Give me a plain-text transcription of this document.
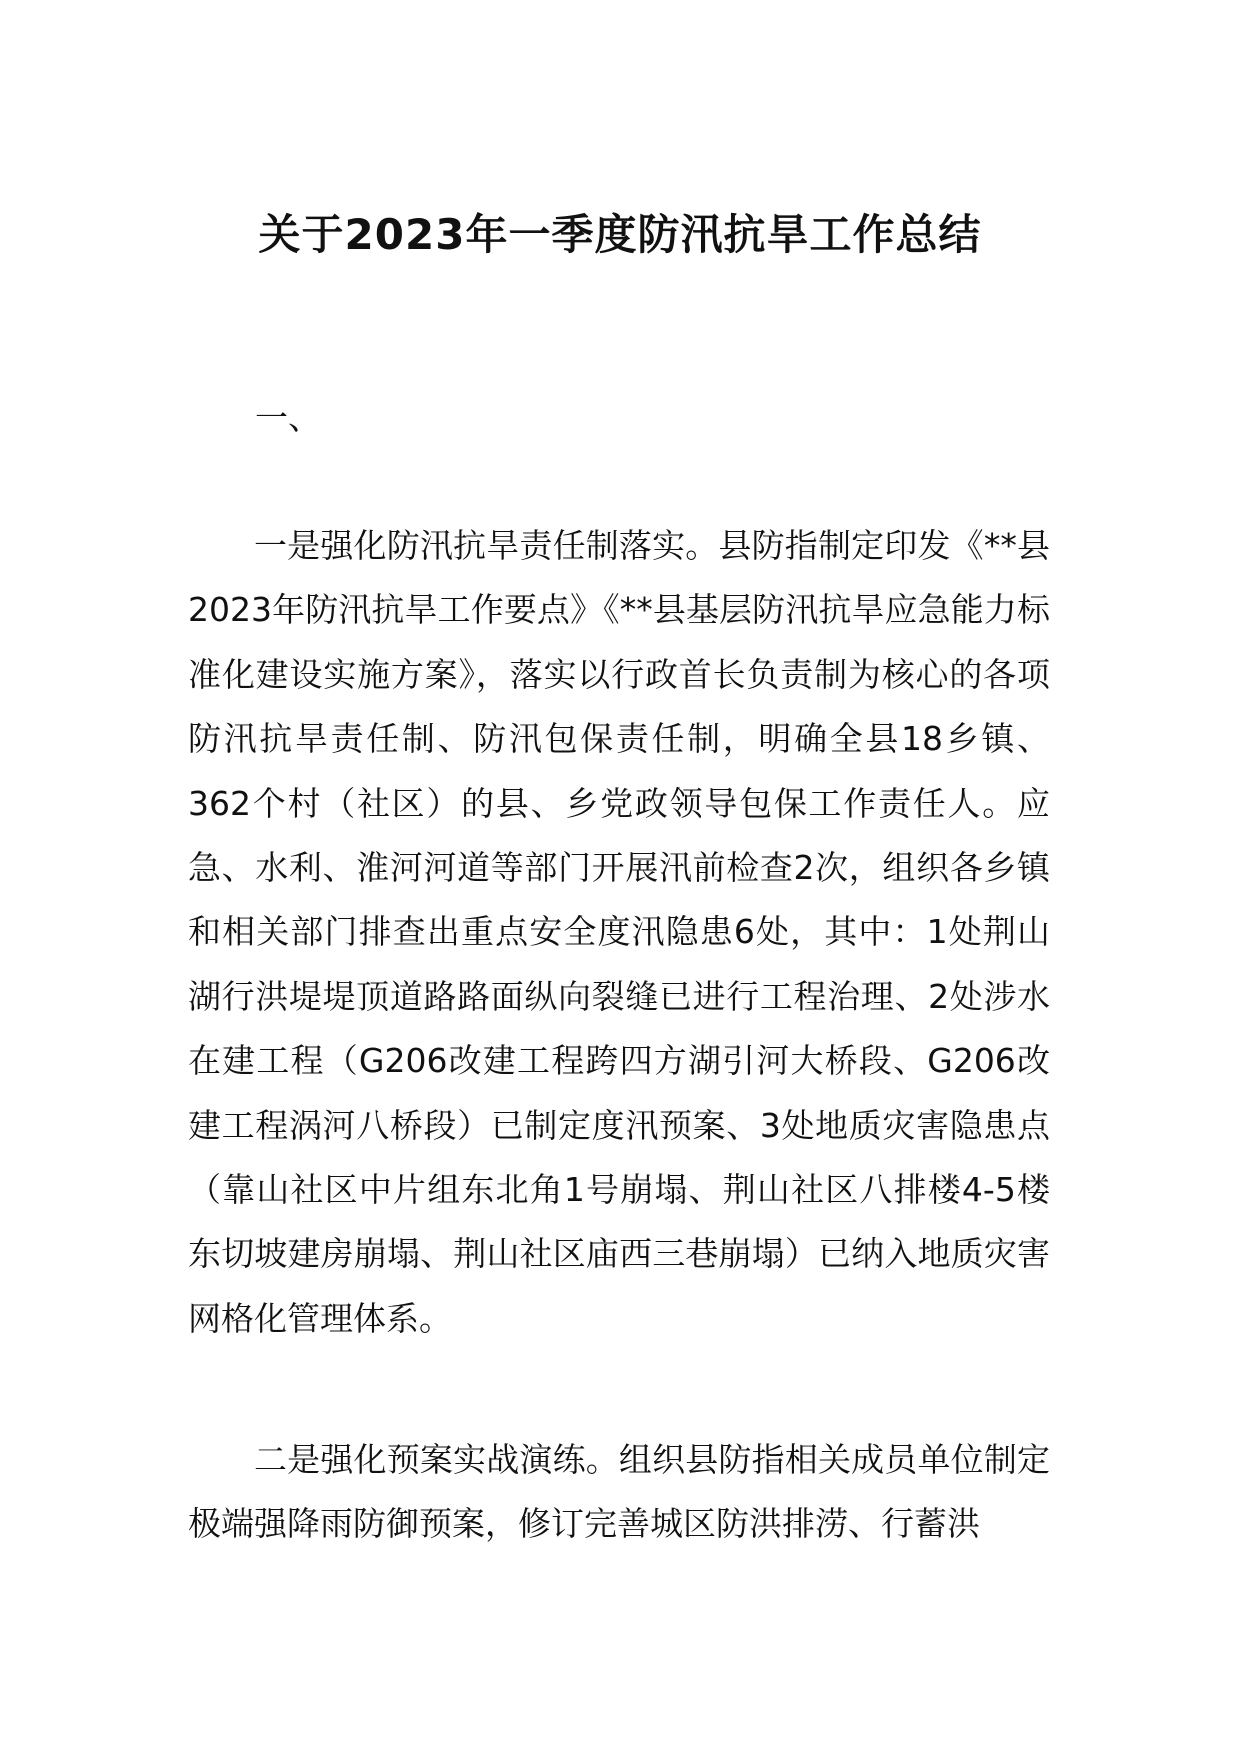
关于2023年一季度防汛抗旱工作总结
一、
一是强化防汛抗旱责任制落实。县防指制定印发《**县2023年防汛抗旱工作要点》《**县基层防汛抗旱应急能力标准化建设实施方案》，落实以行政首长负责制为核心的各项防汛抗旱责任制、防汛包保责任制，明确全县18乡镇、362个村（社区）的县、乡党政领导包保工作责任人。应急、水利、淮河河道等部门开展汛前检查2次，组织各乡镇和相关部门排查出重点安全度汛隐患6处，其中：1处荆山湖行洪堤堤顶道路路面纵向裂缝已进行工程治理、2处涉水在建工程（G206改建工程跨四方湖引河大桥段、G206改建工程涡河八桥段）已制定度汛预案、3处地质灾害隐患点（靠山社区中片组东北角1号崩塌、荆山社区八排楼4-5楼东切坡建房崩塌、荆山社区庙西三巷崩塌）已纳入地质灾害网格化管理体系。
二是强化预案实战演练。组织县防指相关成员单位制定极端强降雨防御预案，修订完善城区防洪排涝、行蓄洪
